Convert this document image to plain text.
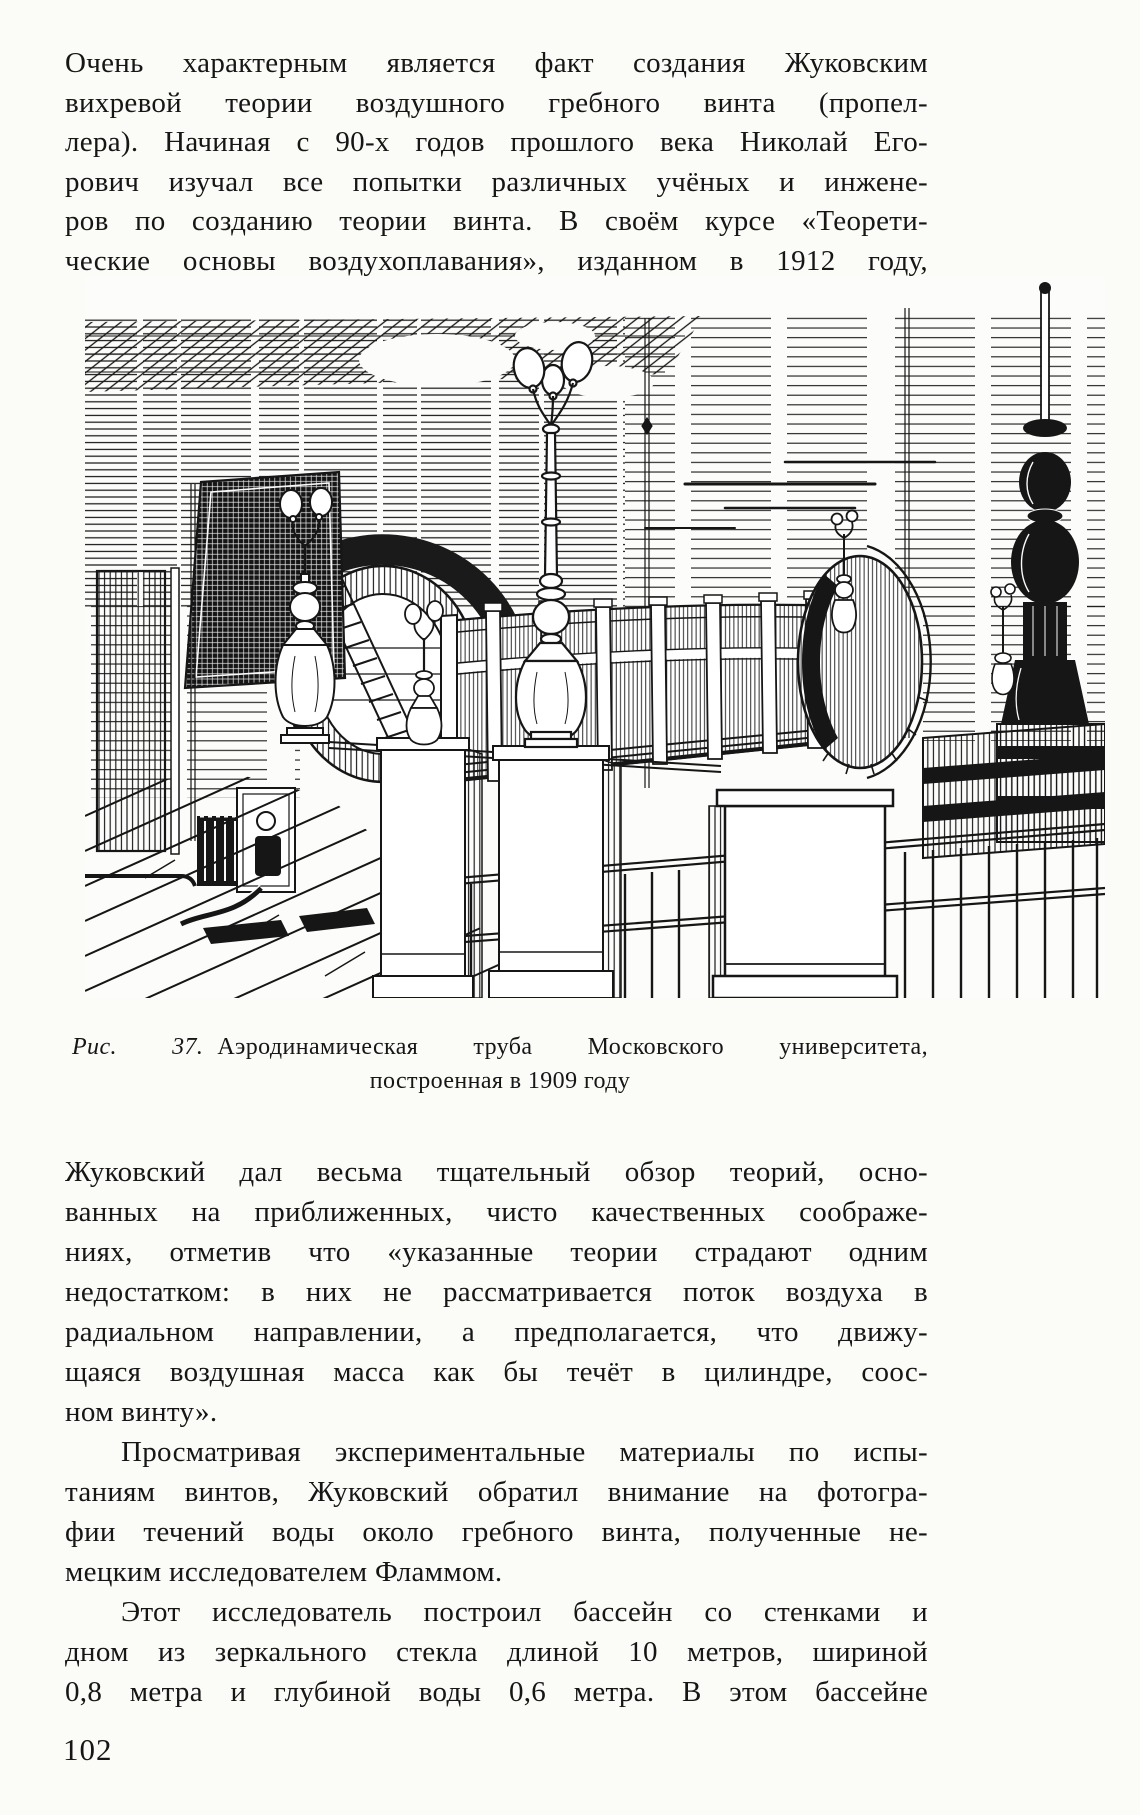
Очень характерным является факт создания Жуковским
вихревой теории воздушного гребного винта (пропел-
лера). Начиная с 90-х годов прошлого века Николай Его-
рович изучал все попытки различных учёных и инжене-
ров по созданию теории винта. В своём курсе «Теорети-
ческие основы воздухоплавания», изданном в 1912 году,
Рис. 37. Аэродинамическая труба Московского университета,
построенная в 1909 году
Жуковский дал весьма тщательный обзор теорий, осно-
ванных на приближенных, чисто качественных соображе-
ниях, отметив что «указанные теории страдают одним
недостатком: в них не рассматривается поток воздуха в
радиальном направлении, а предполагается, что движу-
щаяся воздушная масса как бы течёт в цилиндре, соос-
ном винту».
Просматривая экспериментальные материалы по испы-
таниям винтов, Жуковский обратил внимание на фотогра-
фии течений воды около гребного винта, полученные не-
мецким исследователем Фламмом.
Этот исследователь построил бассейн со стенками и
дном из зеркального стекла длиной 10 метров, шириной
0,8 метра и глубиной воды 0,6 метра. В этом бассейне
102
